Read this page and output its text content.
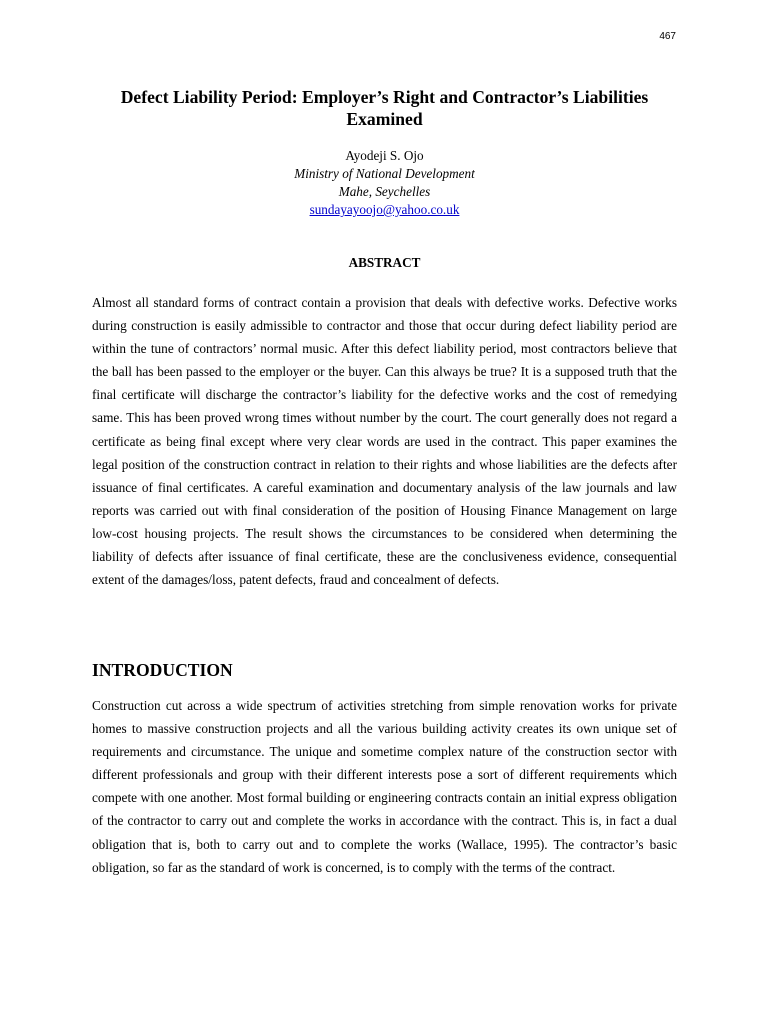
467
Defect Liability Period: Employer’s Right and Contractor’s Liabilities Examined
Ayodeji S. Ojo
Ministry of National Development
Mahe, Seychelles
sundayayoojo@yahoo.co.uk
ABSTRACT

Almost all standard forms of contract contain a provision that deals with defective works. Defective works during construction is easily admissible to contractor and those that occur during defect liability period are within the tune of contractors’ normal music. After this defect liability period, most contractors believe that the ball has been passed to the employer or the buyer. Can this always be true? It is a supposed truth that the final certificate will discharge the contractor’s liability for the defective works and the cost of remedying same. This has been proved wrong times without number by the court. The court generally does not regard a certificate as being final except where very clear words are used in the contract. This paper examines the legal position of the construction contract in relation to their rights and whose liabilities are the defects after issuance of final certificates. A careful examination and documentary analysis of the law journals and law reports was carried out with final consideration of the position of Housing Finance Management on large low-cost housing projects. The result shows the circumstances to be considered when determining the liability of defects after issuance of final certificate, these are the conclusiveness evidence, consequential extent of the damages/loss, patent defects, fraud and concealment of defects.

INTRODUCTION

Construction cut across a wide spectrum of activities stretching from simple renovation works for private homes to massive construction projects and all the various building activity creates its own unique set of requirements and circumstance. The unique and sometime complex nature of the construction sector with different professionals and group with their different interests pose a sort of different requirements which compete with one another. Most formal building or engineering contracts contain an initial express obligation of the contractor to carry out and complete the works in accordance with the contract. This is, in fact a dual obligation that is, both to carry out and to complete the works (Wallace, 1995). The contractor’s basic obligation, so far as the standard of work is concerned, is to comply with the terms of the contract.
